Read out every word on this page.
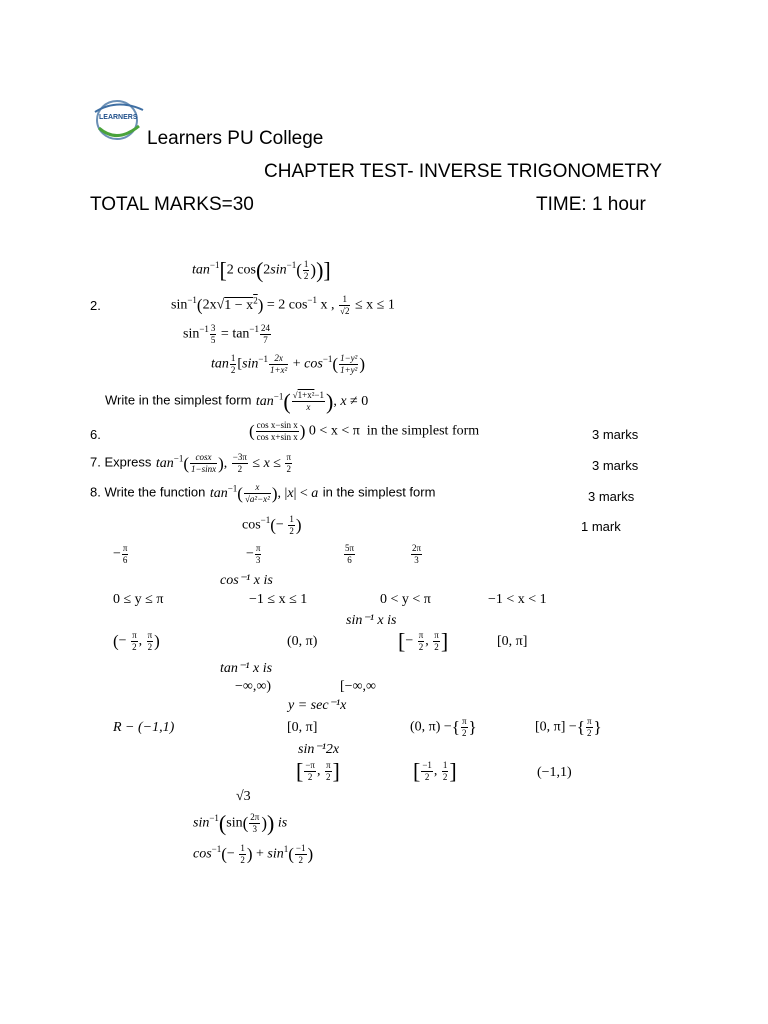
LEARNERS
Learners PU College
CHAPTER TEST- INVERSE TRIGONOMETRY
TOTAL MARKS=30	TIME: 1 hour
$\tan^{-1}[2$ $\cos(2\sin^{-1}( \frac{1}{2}$ ))]
2.	$\sin^{-1}(2x√1 - x^2) = 2$ $\cos^{-1} x$ , $\frac{1}{√2} \le x \le 1$
$\sin^{-1} \frac{3}{5} = \tan^{-1} \frac{24}{7}$
$\tan \frac{1}{2} [\sin^{-1} \frac{2x}{\text{1+x²}} + \cos^{-1}( \frac{\text{1−y²}}{\text{1+y²}}$ )
Write in the simplest form $\tan^{-1}( \frac{\text{√1+x²−1}}{x}$ ), x ≠ 0
6.	( $\frac{\text{cos x−sin x}}{\text{cos x+sin x}}$ ) 0 < x < π  in the simplest form	3 marks
7. Express $\tan^{-1}( \frac{\cos x}{1-\sin x}$ ), $\frac{-3\pi}{2} \le x \le \frac{\pi}{2}$	3 marks
8. Write the function $\tan^{-1}( \frac{x}{\text{√a²−x²}}$ ), |x| < a in the simplest form	3 marks
$\cos^{-1}(- \frac{1}{2}$ )	1 mark
− $\frac{\pi}{6}$	− $\frac{\pi}{3}$	$\frac{5\pi}{6}$	$\frac{2\pi}{3}$
cos⁻¹ x is
0 ≤ y ≤ π	−1 ≤ x ≤ 1	0 < y < π	−1 < x < 1
sin⁻¹ x is
(− $\frac{\pi}{2}$ , $\frac{\pi}{2}$ )	(0, π)	[− $\frac{\pi}{2}$ , $\frac{\pi}{2}$ ]	[0, π]
tan⁻¹ x is
−∞,∞)	[−∞,∞
y = sec⁻¹x
R − (−1,1)	[0, π]	(0, π) −{ $\frac{\pi}{2}$ }	[0, π] −{ $\frac{\pi}{2}$ }
sin⁻¹2x
[ $\frac{-\pi}{2}$ , $\frac{\pi}{2}$ ]	[ $\frac{-1}{2}$ , $\frac{1}{2}$ ]	(−1,1)
√3
$\sin^{-1}(\sin( \frac{2\pi}{3}$ )) is
$\cos^{-1}(- \frac{1}{2}$ ) + $\sin^1( \frac{-1}{2}$ )
